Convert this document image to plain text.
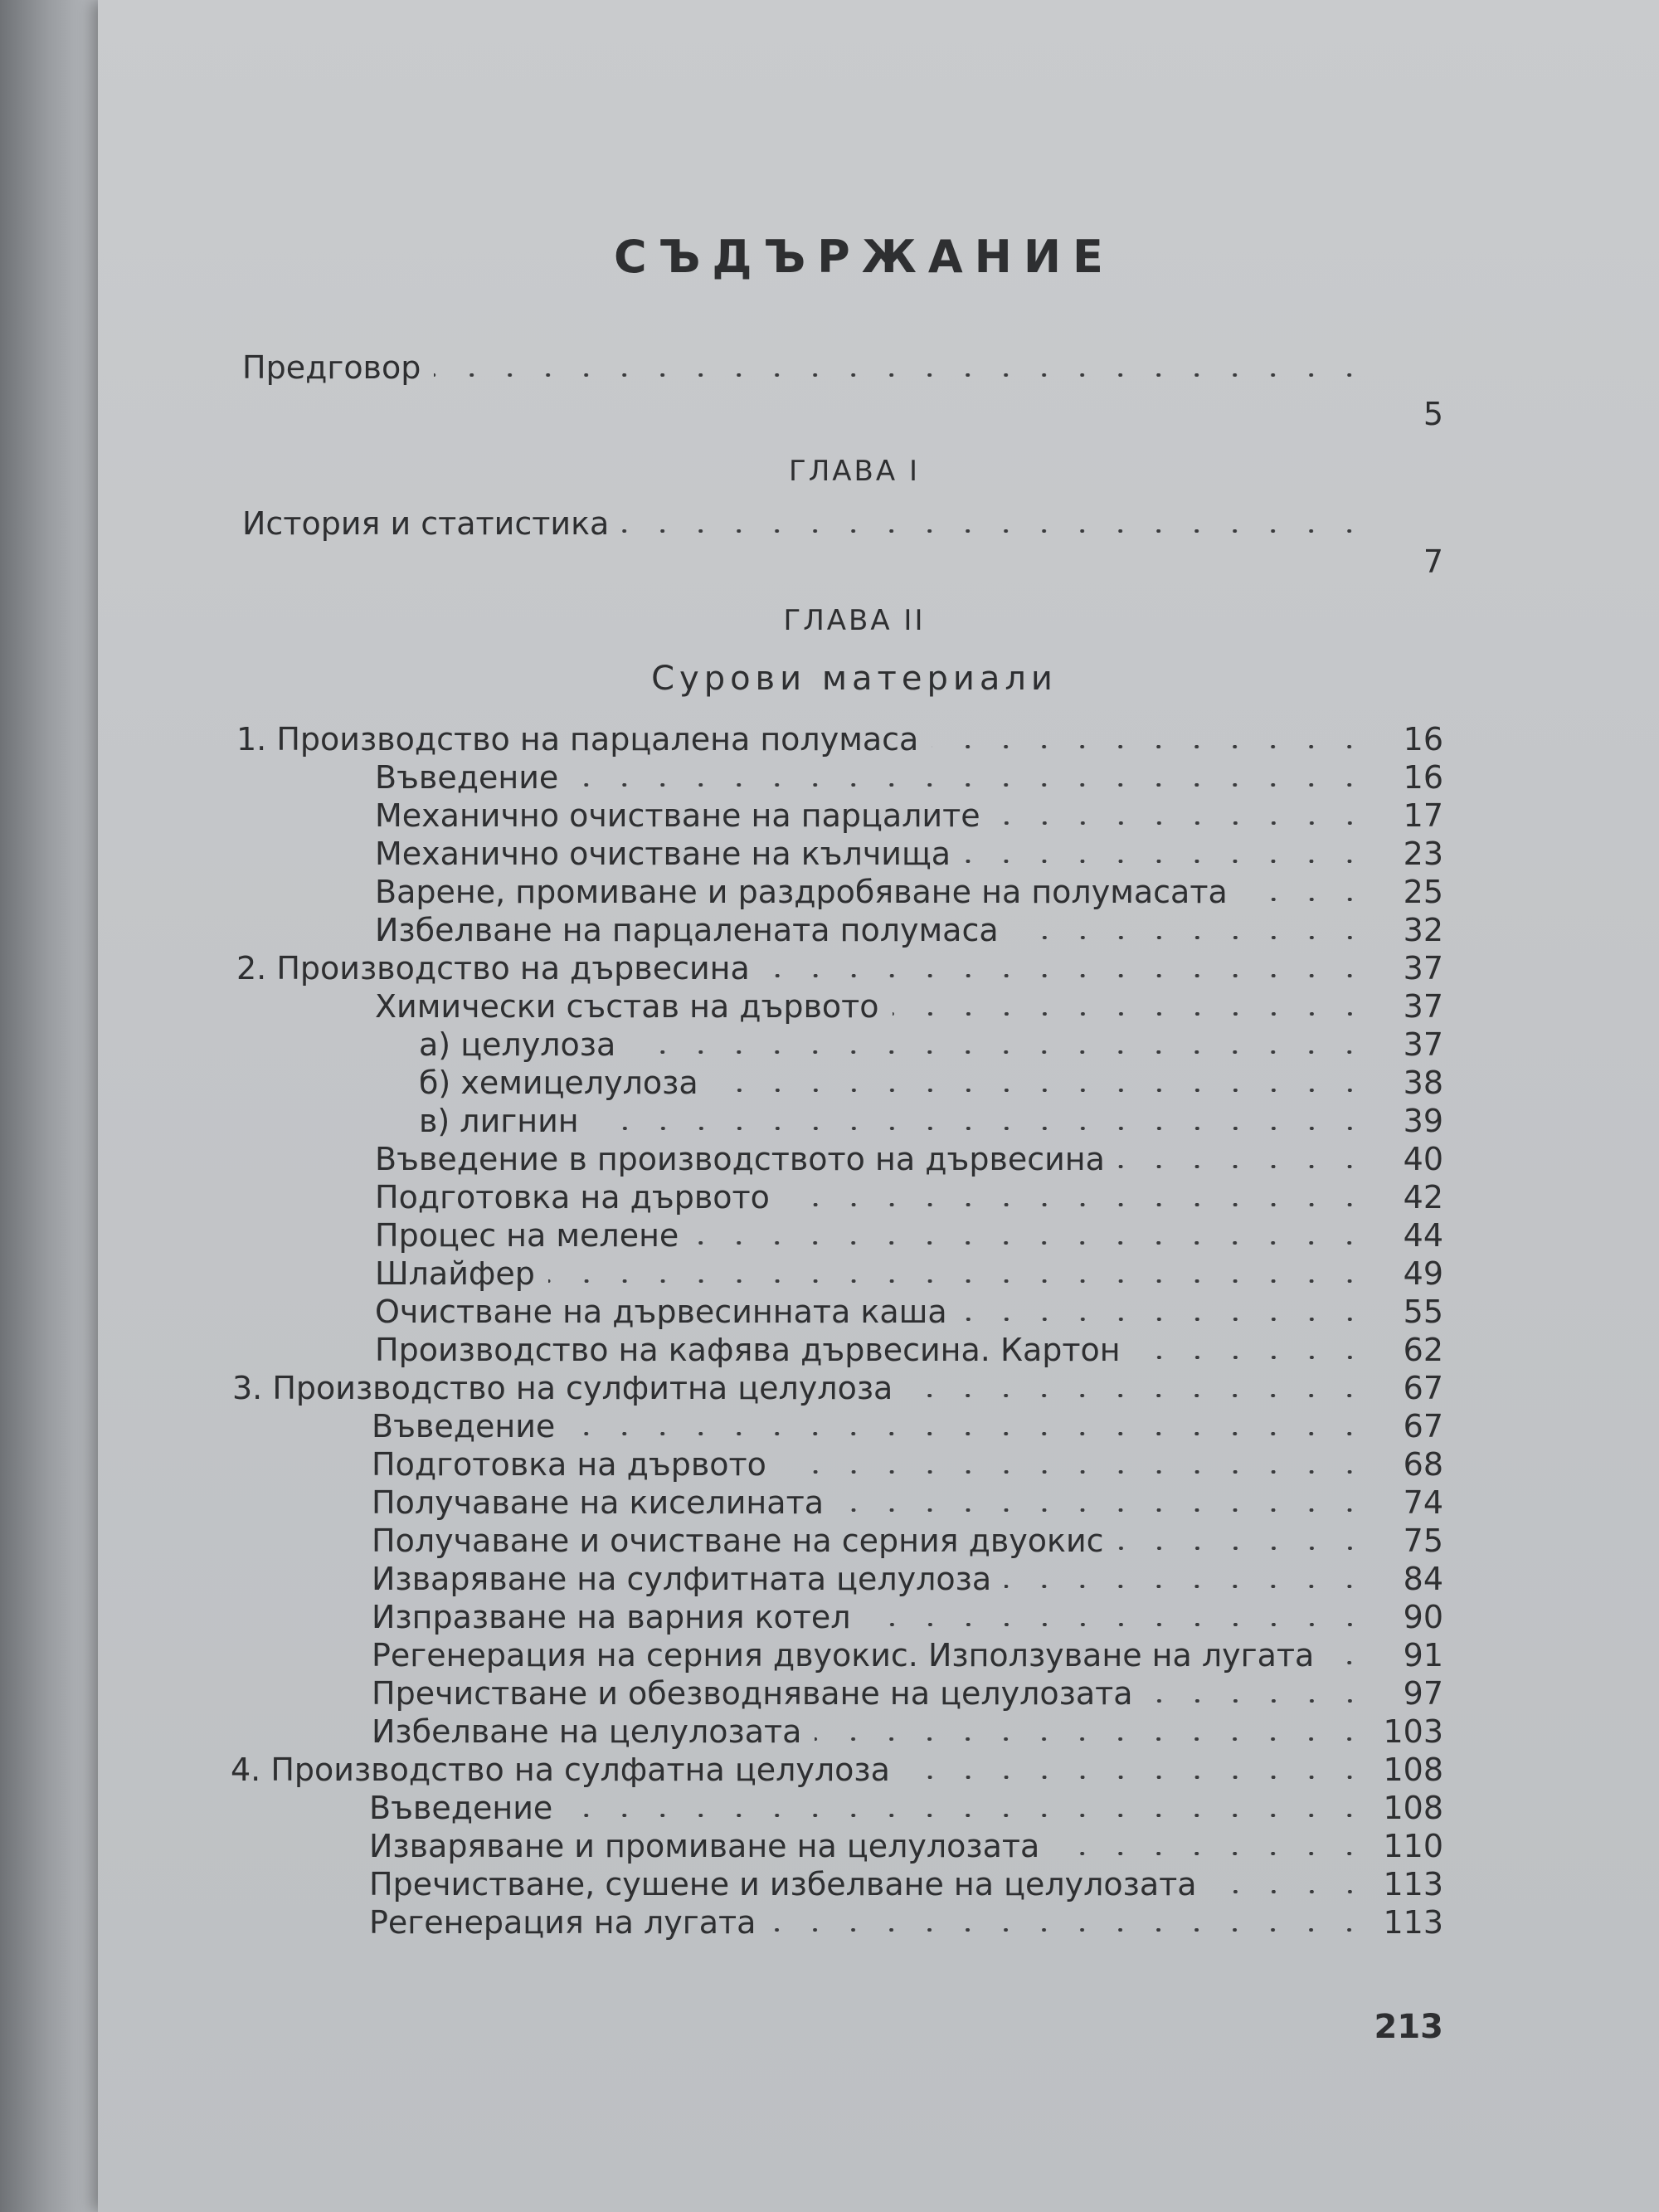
СЪДЪРЖАНИЕ
Предговор
5
ГЛАВА I
История и статистика
7
ГЛАВА II
Сурови материали
1. Производство на парцалена полумаса	16
Въведение	16
Механично очистване на парцалите	17
Механично очистване на кълчища	23
Варене, промиване и раздробяване на полумасата	25
Избелване на парцалената полумаса	32
2. Производство на дървесина	37
Химически състав на дървото	37
а) целулоза	37
б) хемицелулоза	38
в) лигнин	39
Въведение в производството на дървесина	40
Подготовка на дървото	42
Процес на мелене	44
Шлайфер	49
Очистване на дървесинната каша	55
Производство на кафява дървесина. Картон	62
3. Производство на сулфитна целулоза	67
Въведение	67
Подготовка на дървото	68
Получаване на киселината	74
Получаване и очистване на серния двуокис	75
Изваряване на сулфитната целулоза	84
Изпразване на варния котел	90
Регенерация на серния двуокис. Използуване на лугата	91
Пречистване и обезводняване на целулозата	97
Избелване на целулозата	103
4. Производство на сулфатна целулоза	108
Въведение	108
Изваряване и промиване на целулозата	110
Пречистване, сушене и избелване на целулозата	113
Регенерация на лугата	113
213
